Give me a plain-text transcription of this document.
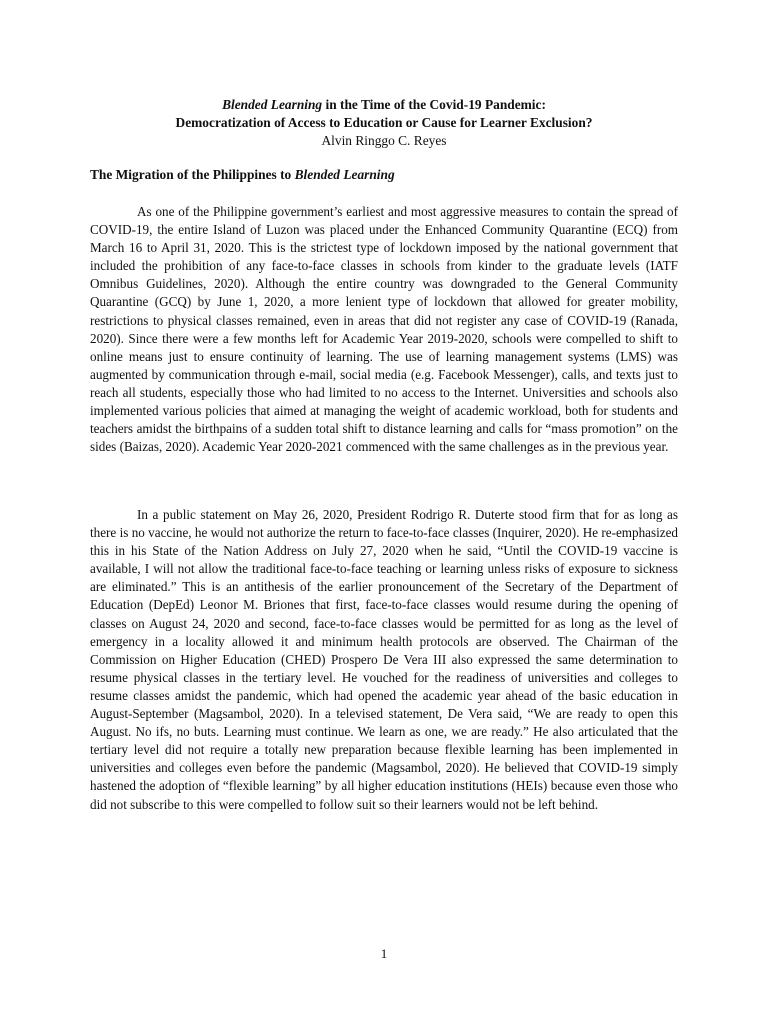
Blended Learning in the Time of the Covid-19 Pandemic:
Democratization of Access to Education or Cause for Learner Exclusion?
Alvin Ringgo C. Reyes
The Migration of the Philippines to Blended Learning

As one of the Philippine government’s earliest and most aggressive measures to contain the spread of COVID-19, the entire Island of Luzon was placed under the Enhanced Community Quarantine (ECQ) from March 16 to April 31, 2020. This is the strictest type of lockdown imposed by the national government that included the prohibition of any face-to-face classes in schools from kinder to the graduate levels (IATF Omnibus Guidelines, 2020). Although the entire country was downgraded to the General Community Quarantine (GCQ) by June 1, 2020, a more lenient type of lockdown that allowed for greater mobility, restrictions to physical classes remained, even in areas that did not register any case of COVID-19 (Ranada, 2020). Since there were a few months left for Academic Year 2019-2020, schools were compelled to shift to online means just to ensure continuity of learning. The use of learning management systems (LMS) was augmented by communication through e-mail, social media (e.g. Facebook Messenger), calls, and texts just to reach all students, especially those who had limited to no access to the Internet. Universities and schools also implemented various policies that aimed at managing the weight of academic workload, both for students and teachers amidst the birthpains of a sudden total shift to distance learning and calls for “mass promotion” on the sides (Baizas, 2020). Academic Year 2020-2021 commenced with the same challenges as in the previous year.

In a public statement on May 26, 2020, President Rodrigo R. Duterte stood firm that for as long as there is no vaccine, he would not authorize the return to face-to-face classes (Inquirer, 2020). He re-emphasized this in his State of the Nation Address on July 27, 2020 when he said, “Until the COVID-19 vaccine is available, I will not allow the traditional face-to-face teaching or learning unless risks of exposure to sickness are eliminated.” This is an antithesis of the earlier pronouncement of the Secretary of the Department of Education (DepEd) Leonor M. Briones that first, face-to-face classes would resume during the opening of classes on August 24, 2020 and second, face-to-face classes would be permitted for as long as the level of emergency in a locality allowed it and minimum health protocols are observed. The Chairman of the Commission on Higher Education (CHED) Prospero De Vera III also expressed the same determination to resume physical classes in the tertiary level. He vouched for the readiness of universities and colleges to resume classes amidst the pandemic, which had opened the academic year ahead of the basic education in August-September (Magsambol, 2020). In a televised statement, De Vera said, “We are ready to open this August. No ifs, no buts. Learning must continue. We learn as one, we are ready.” He also articulated that the tertiary level did not require a totally new preparation because flexible learning has been implemented in universities and colleges even before the pandemic (Magsambol, 2020). He believed that COVID-19 simply hastened the adoption of “flexible learning” by all higher education institutions (HEIs) because even those who did not subscribe to this were compelled to follow suit so their learners would not be left behind.

1
